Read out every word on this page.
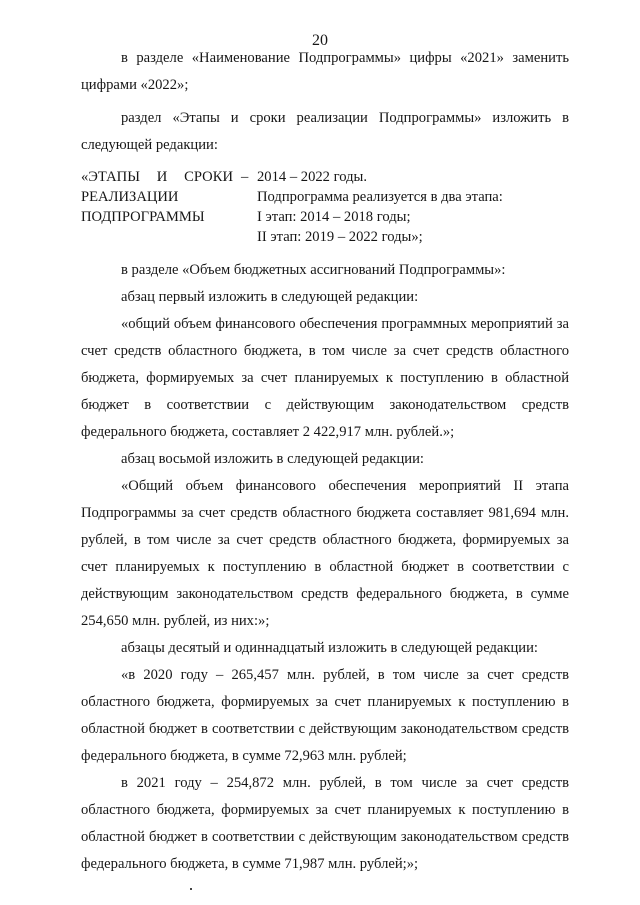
20

в разделе «Наименование Подпрограммы» цифры «2021» заменить цифрами «2022»;

раздел «Этапы и сроки реализации Подпрограммы» изложить в следующей редакции:

«ЭТАПЫ И СРОКИ
РЕАЛИЗАЦИИ
ПОДПРОГРАММЫ
– 2014 – 2022 годы.
Подпрограмма реализуется в два этапа:
I этап: 2014 – 2018 годы;
II этап: 2019 – 2022 годы»;

в разделе «Объем бюджетных ассигнований Подпрограммы»:

абзац первый изложить в следующей редакции:

«общий объем финансового обеспечения программных мероприятий за счет средств областного бюджета, в том числе за счет средств областного бюджета, формируемых за счет планируемых к поступлению в областной бюджет в соответствии с действующим законодательством средств федерального бюджета, составляет 2 422,917 млн. рублей.»;

абзац восьмой изложить в следующей редакции:

«Общий объем финансового обеспечения мероприятий II этапа Подпрограммы за счет средств областного бюджета составляет 981,694 млн. рублей, в том числе за счет средств областного бюджета, формируемых за счет планируемых к поступлению в областной бюджет в соответствии с действующим законодательством средств федерального бюджета, в сумме 254,650 млн. рублей, из них:»;

абзацы десятый и одиннадцатый изложить в следующей редакции:

«в 2020 году – 265,457 млн. рублей, в том числе за счет средств областного бюджета, формируемых за счет планируемых к поступлению в областной бюджет в соответствии с действующим законодательством средств федерального бюджета, в сумме 72,963 млн. рублей;

в 2021 году – 254,872 млн. рублей, в том числе за счет средств областного бюджета, формируемых за счет планируемых к поступлению в областной бюджет в соответствии с действующим законодательством средств федерального бюджета, в сумме 71,987 млн. рублей;»;
